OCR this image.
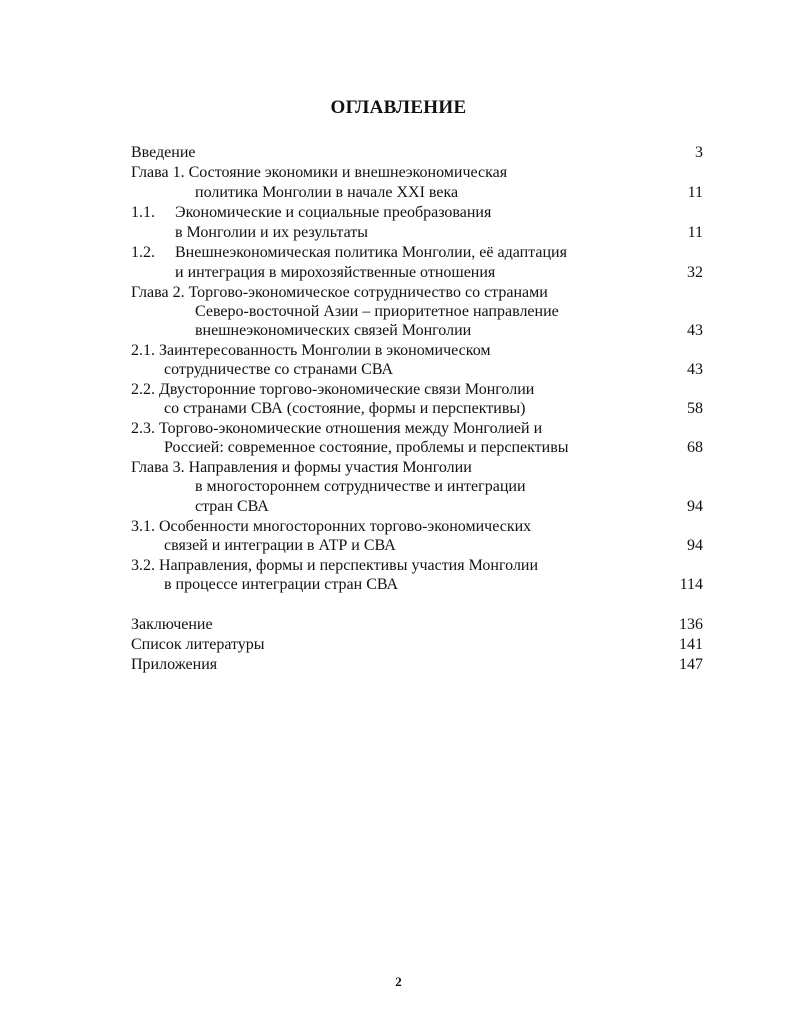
ОГЛАВЛЕНИЕ
Введение	3
Глава 1. Состояние экономики и внешнеэкономическая
политика Монголии в начале XXI века	11
1.1. Экономические и социальные преобразования
в Монголии и их результаты	11
1.2. Внешнеэкономическая политика Монголии, её адаптация
и интеграция в мирохозяйственные отношения	32
Глава 2. Торгово-экономическое сотрудничество со странами
Северо-восточной Азии – приоритетное направление
внешнеэкономических связей Монголии	43
2.1. Заинтересованность Монголии в экономическом
сотрудничестве со странами СВА	43
2.2. Двусторонние торгово-экономические связи Монголии
со странами СВА (состояние, формы и перспективы)	58
2.3. Торгово-экономические отношения между Монголией и
Россией: современное состояние, проблемы и перспективы	68
Глава 3. Направления и формы участия Монголии
в многостороннем сотрудничестве и интеграции
стран СВА	94
3.1. Особенности многосторонних торгово-экономических
связей и интеграции в АТР и СВА	94
3.2. Направления, формы и перспективы участия Монголии
в процессе интеграции стран СВА	114
Заключение	136
Список литературы	141
Приложения	147
2
